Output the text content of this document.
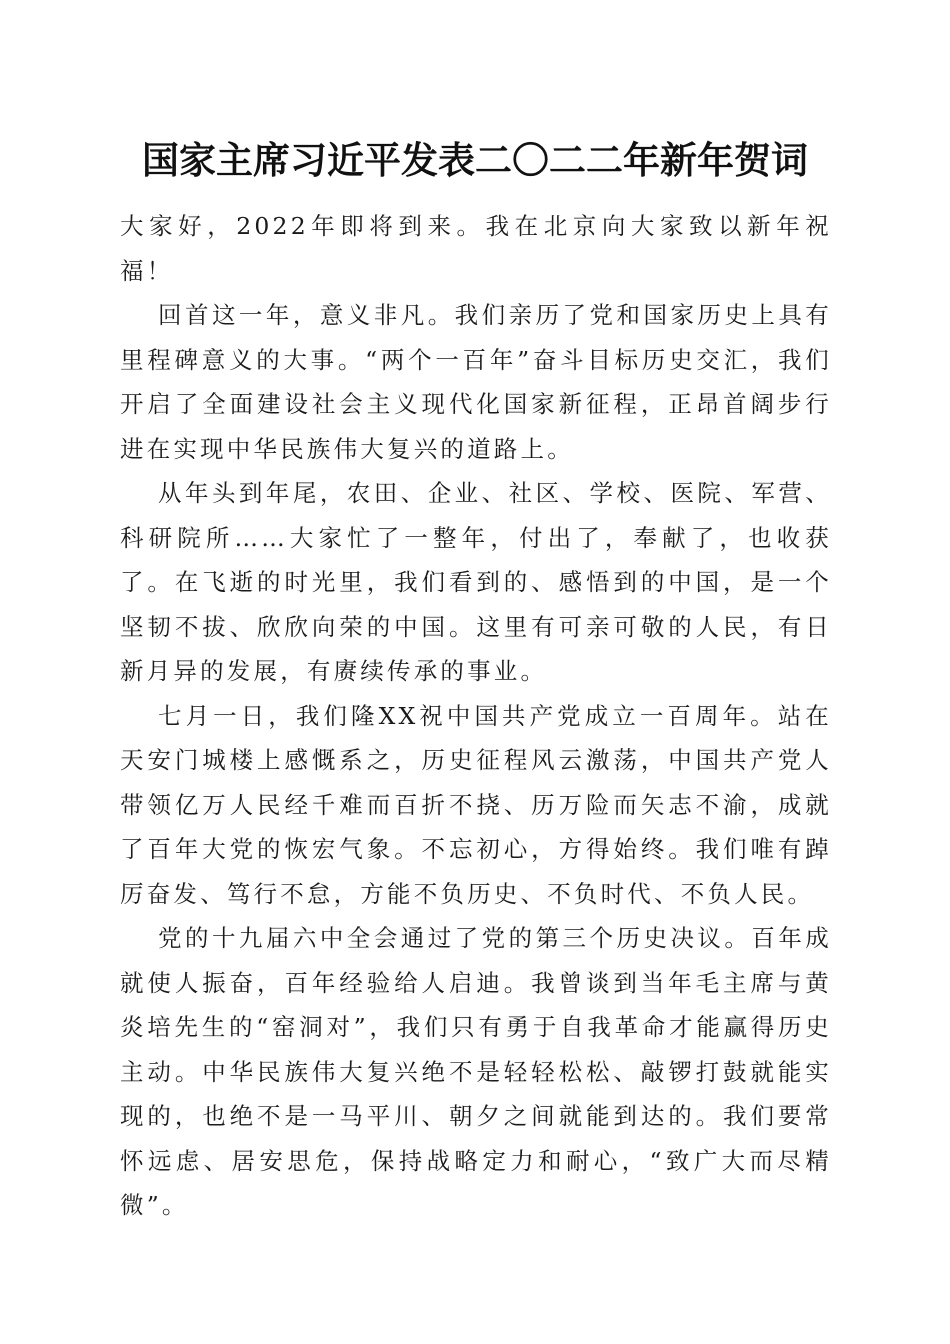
国家主席习近平发表二〇二二年新年贺词

大家好，2022年即将到来。我在北京向大家致以新年祝福！

回首这一年，意义非凡。我们亲历了党和国家历史上具有里程碑意义的大事。“两个一百年”奋斗目标历史交汇，我们开启了全面建设社会主义现代化国家新征程，正昂首阔步行进在实现中华民族伟大复兴的道路上。

从年头到年尾，农田、企业、社区、学校、医院、军营、科研院所……大家忙了一整年，付出了，奉献了，也收获了。在飞逝的时光里，我们看到的、感悟到的中国，是一个坚韧不拔、欣欣向荣的中国。这里有可亲可敬的人民，有日新月异的发展，有赓续传承的事业。

七月一日，我们隆XX祝中国共产党成立一百周年。站在天安门城楼上感慨系之，历史征程风云激荡，中国共产党人带领亿万人民经千难而百折不挠、历万险而矢志不渝，成就了百年大党的恢宏气象。不忘初心，方得始终。我们唯有踔厉奋发、笃行不怠，方能不负历史、不负时代、不负人民。

党的十九届六中全会通过了党的第三个历史决议。百年成就使人振奋，百年经验给人启迪。我曾谈到当年毛主席与黄炎培先生的“窑洞对”，我们只有勇于自我革命才能赢得历史主动。中华民族伟大复兴绝不是轻轻松松、敲锣打鼓就能实现的，也绝不是一马平川、朝夕之间就能到达的。我们要常怀远虑、居安思危，保持战略定力和耐心，“致广大而尽精微”。
